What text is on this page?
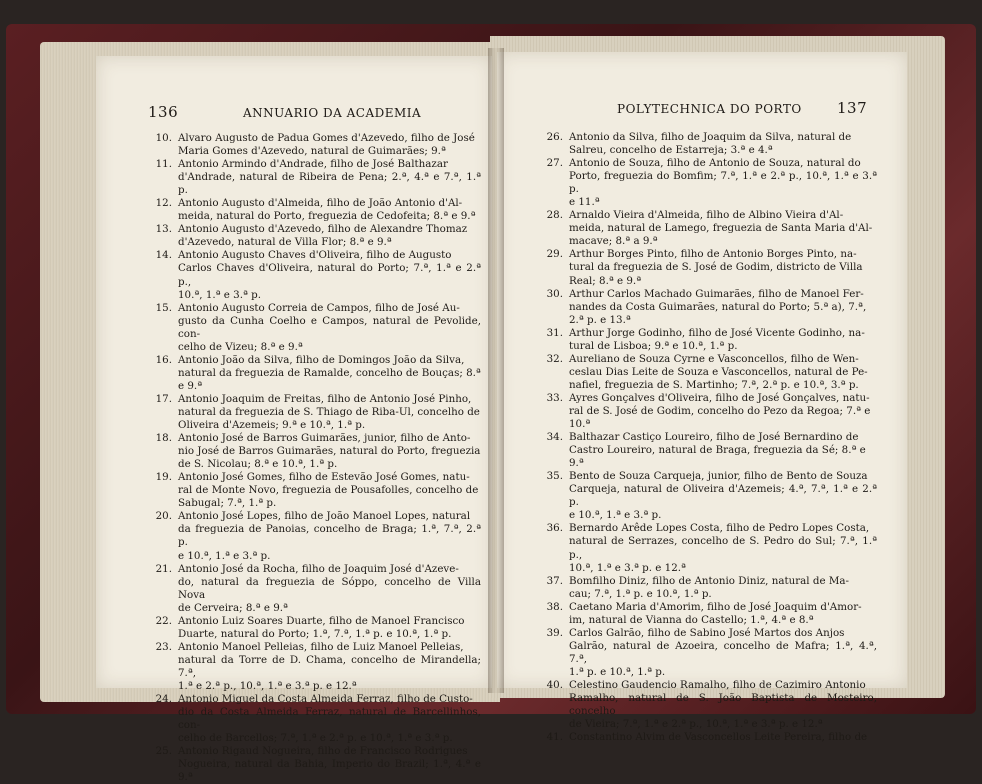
136	ANNUARIO DA ACADEMIA
10. Alvaro Augusto de Padua Gomes d'Azevedo, filho de José
Maria Gomes d'Azevedo, natural de Guimarães; 9.ª
11. Antonio Armindo d'Andrade, filho de José Balthazar
d'Andrade, natural de Ribeira de Pena; 2.ª, 4.ª e 7.ª, 1.ª p.
12. Antonio Augusto d'Almeida, filho de João Antonio d'Al-
meida, natural do Porto, freguezia de Cedofeita; 8.ª e 9.ª
13. Antonio Augusto d'Azevedo, filho de Alexandre Thomaz
d'Azevedo, natural de Villa Flor; 8.ª e 9.ª
14. Antonio Augusto Chaves d'Oliveira, filho de Augusto
Carlos Chaves d'Oliveira, natural do Porto; 7.ª, 1.ª e 2.ª p.,
10.ª, 1.ª e 3.ª p.
15. Antonio Augusto Correia de Campos, filho de José Au-
gusto da Cunha Coelho e Campos, natural de Pevolide, con-
celho de Vizeu; 8.ª e 9.ª
16. Antonio João da Silva, filho de Domingos João da Silva,
natural da freguezia de Ramalde, concelho de Bouças; 8.ª
e 9.ª
17. Antonio Joaquim de Freitas, filho de Antonio José Pinho,
natural da freguezia de S. Thiago de Riba-Ul, concelho de
Oliveira d'Azemeis; 9.ª e 10.ª, 1.ª p.
18. Antonio José de Barros Guimarães, junior, filho de Anto-
nio José de Barros Guimarães, natural do Porto, freguezia
de S. Nicolau; 8.ª e 10.ª, 1.ª p.
19. Antonio José Gomes, filho de Estevão José Gomes, natu-
ral de Monte Novo, freguezia de Pousafolles, concelho de
Sabugal; 7.ª, 1.ª p.
20. Antonio José Lopes, filho de João Manoel Lopes, natural
da freguezia de Panoias, concelho de Braga; 1.ª, 7.ª, 2.ª p.
e 10.ª, 1.ª e 3.ª p.
21. Antonio José da Rocha, filho de Joaquim José d'Azeve-
do, natural da freguezia de Sóppo, concelho de Villa Nova
de Cerveira; 8.ª e 9.ª
22. Antonio Luiz Soares Duarte, filho de Manoel Francisco
Duarte, natural do Porto; 1.ª, 7.ª, 1.ª p. e 10.ª, 1.ª p.
23. Antonio Manoel Pelleias, filho de Luiz Manoel Pelleias,
natural da Torre de D. Chama, concelho de Mirandella; 7.ª,
1.ª e 2.ª p., 10.ª, 1.ª e 3.ª p. e 12.ª
24. Antonio Miguel da Costa Almeida Ferraz, filho de Custo-
dio da Costa Almeida Ferraz, natural de Barcellinhos, con-
celho de Barcellos; 7.ª, 1.ª e 2.ª p. e 10.ª, 1.ª e 3.ª p.
25. Antonio Rigaud Nogueira, filho de Francisco Rodrigues
Nogueira, natural da Bahia, Imperio do Brazil; 1.ª, 4.ª e 9.ª
POLYTECHNICA DO PORTO 137
26. Antonio da Silva, filho de Joaquim da Silva, natural de
Salreu, concelho de Estarreja; 3.ª e 4.ª
27. Antonio de Souza, filho de Antonio de Souza, natural do
Porto, freguezia do Bomfim; 7.ª, 1.ª e 2.ª p., 10.ª, 1.ª e 3.ª p.
e 11.ª
28. Arnaldo Vieira d'Almeida, filho de Albino Vieira d'Al-
meida, natural de Lamego, freguezia de Santa Maria d'Al-
macave; 8.ª a 9.ª
29. Arthur Borges Pinto, filho de Antonio Borges Pinto, na-
tural da freguezia de S. José de Godim, districto de Villa
Real; 8.ª e 9.ª
30. Arthur Carlos Machado Guimarães, filho de Manoel Fer-
nandes da Costa Guimarães, natural do Porto; 5.ª a), 7.ª,
2.ª p. e 13.ª
31. Arthur Jorge Godinho, filho de José Vicente Godinho, na-
tural de Lisboa; 9.ª e 10.ª, 1.ª p.
32. Aureliano de Souza Cyrne e Vasconcellos, filho de Wen-
ceslau Dias Leite de Souza e Vasconcellos, natural de Pe-
nafiel, freguezia de S. Martinho; 7.ª, 2.ª p. e 10.ª, 3.ª p.
33. Ayres Gonçalves d'Oliveira, filho de José Gonçalves, natu-
ral de S. José de Godim, concelho do Pezo da Regoa; 7.ª e
10.ª
34. Balthazar Castiço Loureiro, filho de José Bernardino de
Castro Loureiro, natural de Braga, freguezia da Sé; 8.ª e
9.ª
35. Bento de Souza Carqueja, junior, filho de Bento de Souza
Carqueja, natural de Oliveira d'Azemeis; 4.ª, 7.ª, 1.ª e 2.ª p.
e 10.ª, 1.ª e 3.ª p.
36. Bernardo Arêde Lopes Costa, filho de Pedro Lopes Costa,
natural de Serrazes, concelho de S. Pedro do Sul; 7.ª, 1.ª p.,
10.ª, 1.ª e 3.ª p. e 12.ª
37. Bomfilho Diniz, filho de Antonio Diniz, natural de Ma-
cau; 7.ª, 1.ª p. e 10.ª, 1.ª p.
38. Caetano Maria d'Amorim, filho de José Joaquim d'Amor-
im, natural de Vianna do Castello; 1.ª, 4.ª e 8.ª
39. Carlos Galrão, filho de Sabino José Martos dos Anjos
Galrão, natural de Azoeira, concelho de Mafra; 1.ª, 4.ª, 7.ª,
1.ª p. e 10.ª, 1.ª p.
40. Celestino Gaudencio Ramalho, filho de Cazimiro Antonio
Ramalho, natural de S. João Baptista de Mosteiro, concelho
de Vieira; 7.ª, 1.ª e 2.ª p., 10.ª, 1.ª e 3.ª p. e 12.ª
41. Constantino Alvim de Vasconcellos Leite Pereira, filho de
